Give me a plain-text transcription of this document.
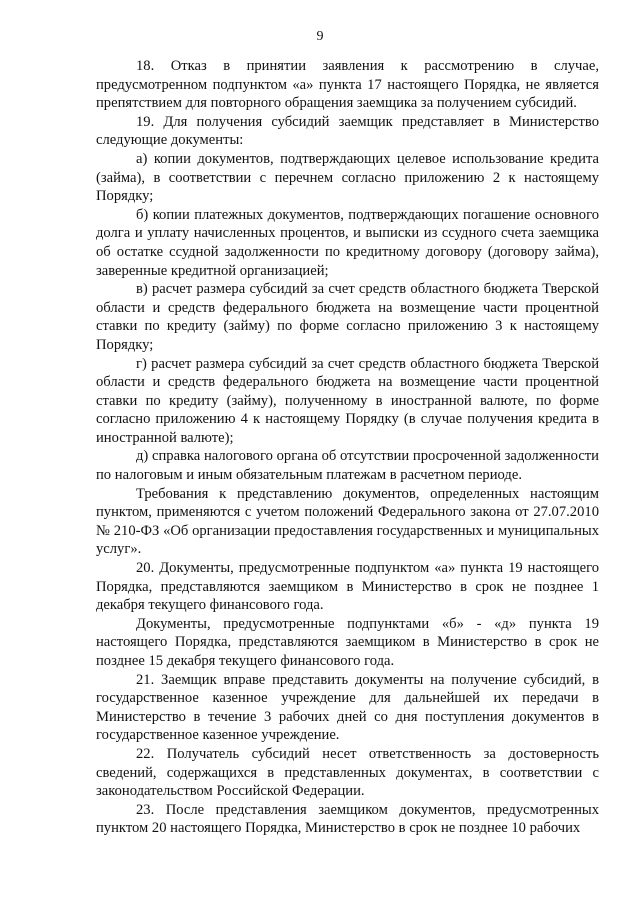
9

18. Отказ в принятии заявления к рассмотрению в случае, предусмотренном подпунктом «а» пункта 17 настоящего Порядка, не является препятствием для повторного обращения заемщика за получением субсидий.

19. Для получения субсидий заемщик представляет в Министерство следующие документы:

а) копии документов, подтверждающих целевое использование кредита (займа), в соответствии с перечнем согласно приложению 2 к настоящему Порядку;

б) копии платежных документов, подтверждающих погашение основного долга и уплату начисленных процентов, и выписки из ссудного счета заемщика об остатке ссудной задолженности по кредитному договору (договору займа), заверенные кредитной организацией;

в) расчет размера субсидий за счет средств областного бюджета Тверской области и средств федерального бюджета на возмещение части процентной ставки по кредиту (займу) по форме согласно приложению 3 к настоящему Порядку;

г) расчет размера субсидий за счет средств областного бюджета Тверской области и средств федерального бюджета на возмещение части процентной ставки по кредиту (займу), полученному в иностранной валюте, по форме согласно приложению 4 к настоящему Порядку (в случае получения кредита в иностранной валюте);

д) справка налогового органа об отсутствии просроченной задолженности по налоговым и иным обязательным платежам в расчетном периоде.

Требования к представлению документов, определенных настоящим пунктом, применяются с учетом положений Федерального закона от 27.07.2010 № 210-ФЗ «Об организации предоставления государственных и муниципальных услуг».

20. Документы, предусмотренные подпунктом «а» пункта 19 настоящего Порядка, представляются заемщиком в Министерство в срок не позднее 1 декабря текущего финансового года.

Документы, предусмотренные подпунктами «б» - «д» пункта 19 настоящего Порядка, представляются заемщиком в Министерство в срок не позднее 15 декабря текущего финансового года.

21. Заемщик вправе представить документы на получение субсидий, в государственное казенное учреждение для дальнейшей их передачи в Министерство в течение 3 рабочих дней со дня поступления документов в государственное казенное учреждение.

22. Получатель субсидий несет ответственность за достоверность сведений, содержащихся в представленных документах, в соответствии с законодательством Российской Федерации.

23. После представления заемщиком документов, предусмотренных пунктом 20 настоящего Порядка, Министерство в срок не позднее 10 рабочих
